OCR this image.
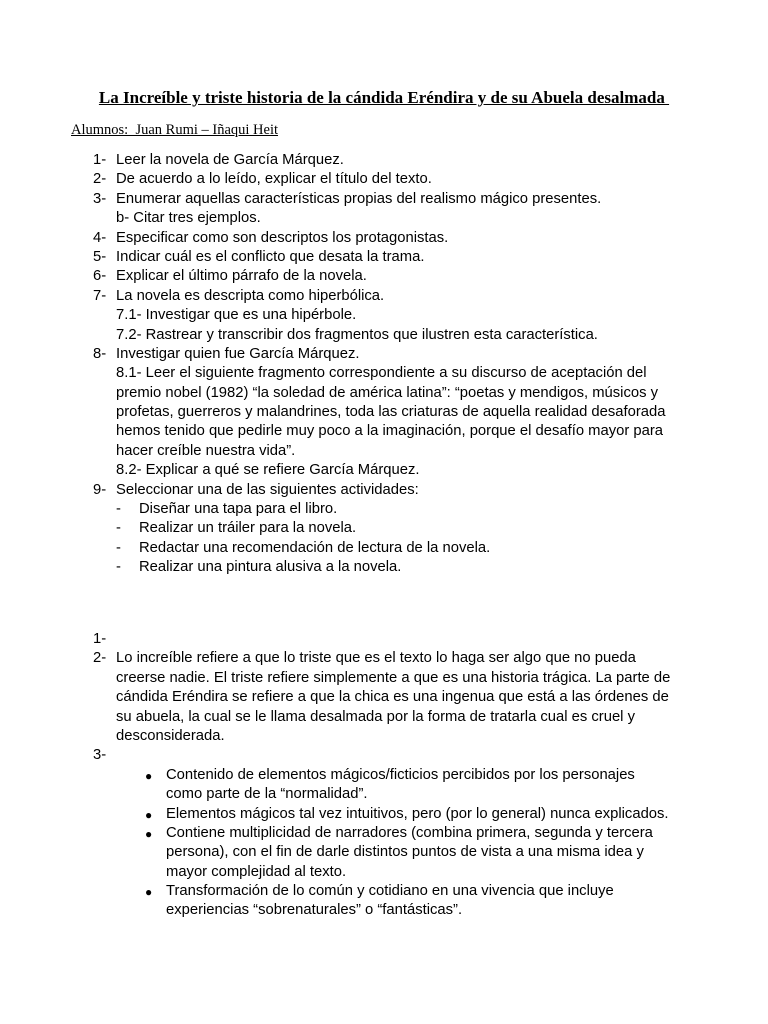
La Increíble y triste historia de la cándida Eréndira y de su Abuela desalmada
Alumnos:  Juan Rumi – Iñaqui Heit
1- Leer la novela de García Márquez.
2- De acuerdo a lo leído, explicar el título del texto.
3- Enumerar aquellas características propias del realismo mágico presentes.
b- Citar tres ejemplos.
4- Especificar como son descriptos los protagonistas.
5- Indicar cuál es el conflicto que desata la trama.
6- Explicar el último párrafo de la novela.
7- La novela es descripta como hiperbólica.
7.1- Investigar que es una hipérbole.
7.2- Rastrear y transcribir dos fragmentos que ilustren esta característica.
8- Investigar quien fue García Márquez.
8.1- Leer el siguiente fragmento correspondiente a su discurso de aceptación del
premio nobel (1982) “la soledad de américa latina”: “poetas y mendigos, músicos y
profetas, guerreros y malandrines, toda las criaturas de aquella realidad desaforada
hemos tenido que pedirle muy poco a la imaginación, porque el desafío mayor para
hacer creíble nuestra vida”.
8.2- Explicar a qué se refiere García Márquez.
9- Seleccionar una de las siguientes actividades:
- Diseñar una tapa para el libro.
- Realizar un tráiler para la novela.
- Redactar una recomendación de lectura de la novela.
- Realizar una pintura alusiva a la novela.
1-
2- Lo increíble refiere a que lo triste que es el texto lo haga ser algo que no pueda
creerse nadie. El triste refiere simplemente a que es una historia trágica. La parte de
cándida Eréndira se refiere a que la chica es una ingenua que está a las órdenes de
su abuela, la cual se le llama desalmada por la forma de tratarla cual es cruel y
desconsiderada.
3-
● Contenido de elementos mágicos/ficticios percibidos por los personajes
como parte de la “normalidad”.
● Elementos mágicos tal vez intuitivos, pero (por lo general) nunca explicados.
● Contiene multiplicidad de narradores (combina primera, segunda y tercera
persona), con el fin de darle distintos puntos de vista a una misma idea y
mayor complejidad al texto.
● Transformación de lo común y cotidiano en una vivencia que incluye
experiencias “sobrenaturales” o “fantásticas”.
